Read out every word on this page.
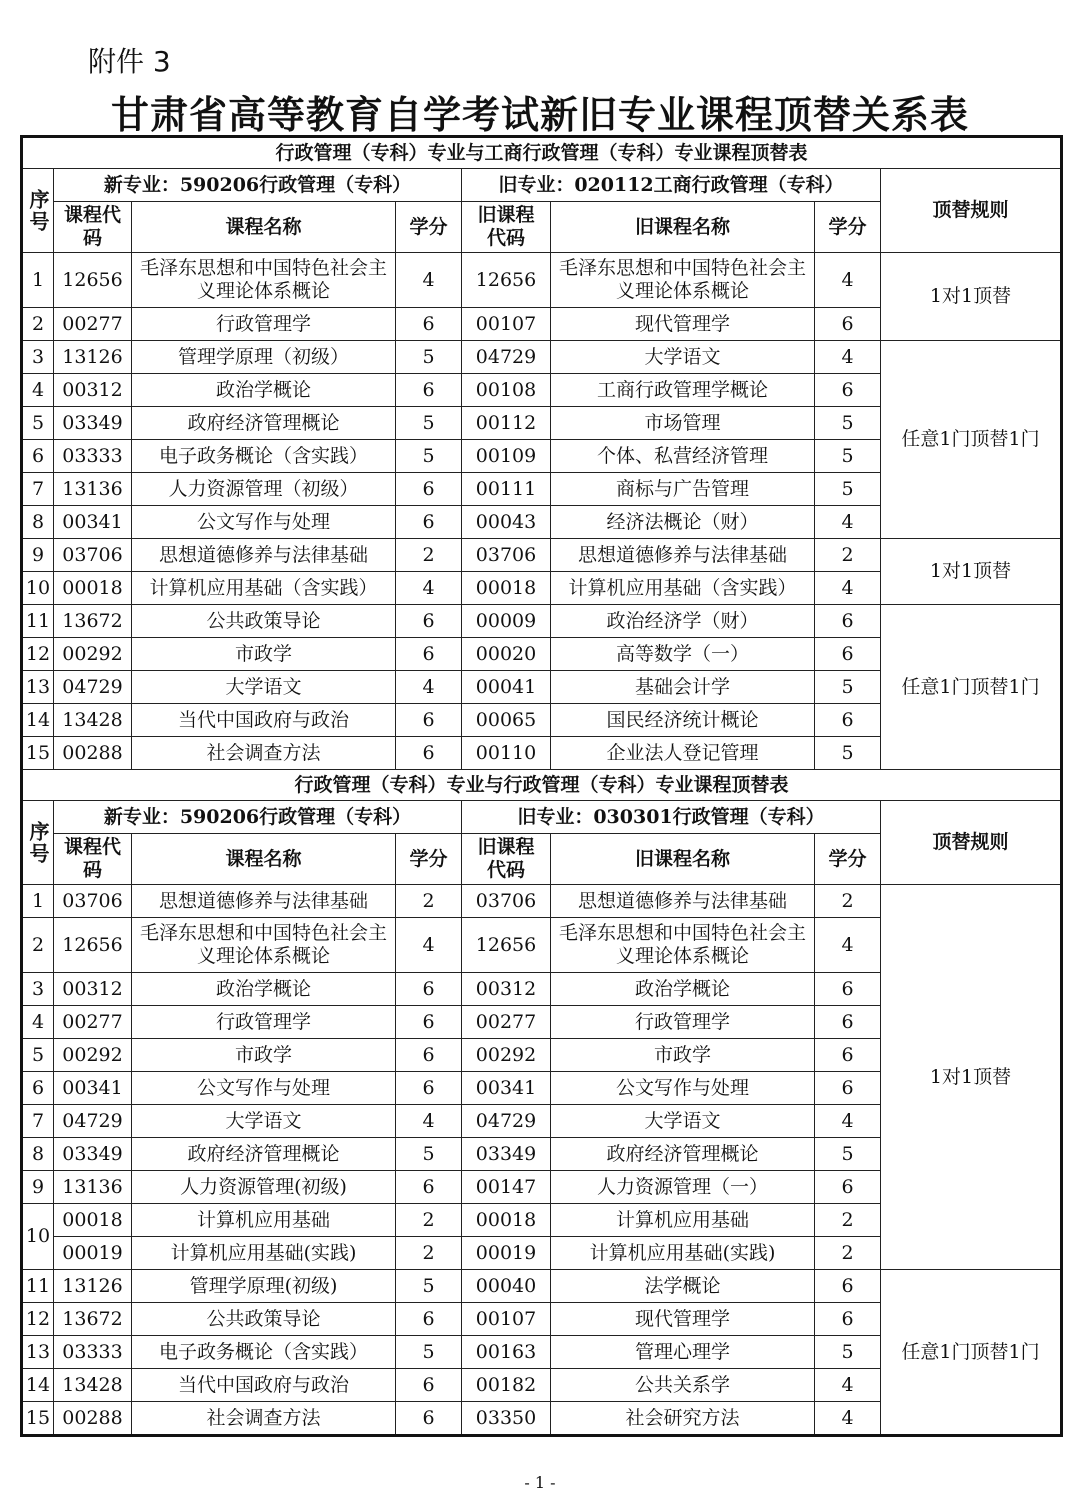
附件 3
甘肃省高等教育自学考试新旧专业课程顶替关系表
行政管理（专科）专业与工商行政管理（专科）专业课程顶替表							
序号	新专业：590206行政管理（专科）			旧专业：020112工商行政管理（专科）			顶替规则
	课程代码	课程名称	学分	旧课程代码	旧课程名称	学分	
1	12656	毛泽东思想和中国特色社会主义理论体系概论	4	12656	毛泽东思想和中国特色社会主义理论体系概论	4	1对1顶替
2	00277	行政管理学	6	00107	现代管理学	6	
3	13126	管理学原理（初级）	5	04729	大学语文	4	任意1门顶替1门
4	00312	政治学概论	6	00108	工商行政管理学概论	6	
5	03349	政府经济管理概论	5	00112	市场管理	5	
6	03333	电子政务概论（含实践）	5	00109	个体、私营经济管理	5	
7	13136	人力资源管理（初级）	6	00111	商标与广告管理	5	
8	00341	公文写作与处理	6	00043	经济法概论（财）	4	
9	03706	思想道德修养与法律基础	2	03706	思想道德修养与法律基础	2	1对1顶替
10	00018	计算机应用基础（含实践）	4	00018	计算机应用基础（含实践）	4	
11	13672	公共政策导论	6	00009	政治经济学（财）	6	任意1门顶替1门
12	00292	市政学	6	00020	高等数学（一）	6	
13	04729	大学语文	4	00041	基础会计学	5	
14	13428	当代中国政府与政治	6	00065	国民经济统计概论	6	
15	00288	社会调查方法	6	00110	企业法人登记管理	5	
行政管理（专科）专业与行政管理（专科）专业课程顶替表							
序号	新专业：590206行政管理（专科）			旧专业：030301行政管理（专科）			顶替规则
	课程代码	课程名称	学分	旧课程代码	旧课程名称	学分	
1	03706	思想道德修养与法律基础	2	03706	思想道德修养与法律基础	2	1对1顶替
2	12656	毛泽东思想和中国特色社会主义理论体系概论	4	12656	毛泽东思想和中国特色社会主义理论体系概论	4	
3	00312	政治学概论	6	00312	政治学概论	6	
4	00277	行政管理学	6	00277	行政管理学	6	
5	00292	市政学	6	00292	市政学	6	
6	00341	公文写作与处理	6	00341	公文写作与处理	6	
7	04729	大学语文	4	04729	大学语文	4	
8	03349	政府经济管理概论	5	03349	政府经济管理概论	5	
9	13136	人力资源管理(初级)	6	00147	人力资源管理（一）	6	
10	00018	计算机应用基础	2	00018	计算机应用基础	2	
	00019	计算机应用基础(实践)	2	00019	计算机应用基础(实践)	2	
11	13126	管理学原理(初级)	5	00040	法学概论	6	任意1门顶替1门
12	13672	公共政策导论	6	00107	现代管理学	6	
13	03333	电子政务概论（含实践）	5	00163	管理心理学	5	
14	13428	当代中国政府与政治	6	00182	公共关系学	4	
15	00288	社会调查方法	6	03350	社会研究方法	4	
- 1 -
